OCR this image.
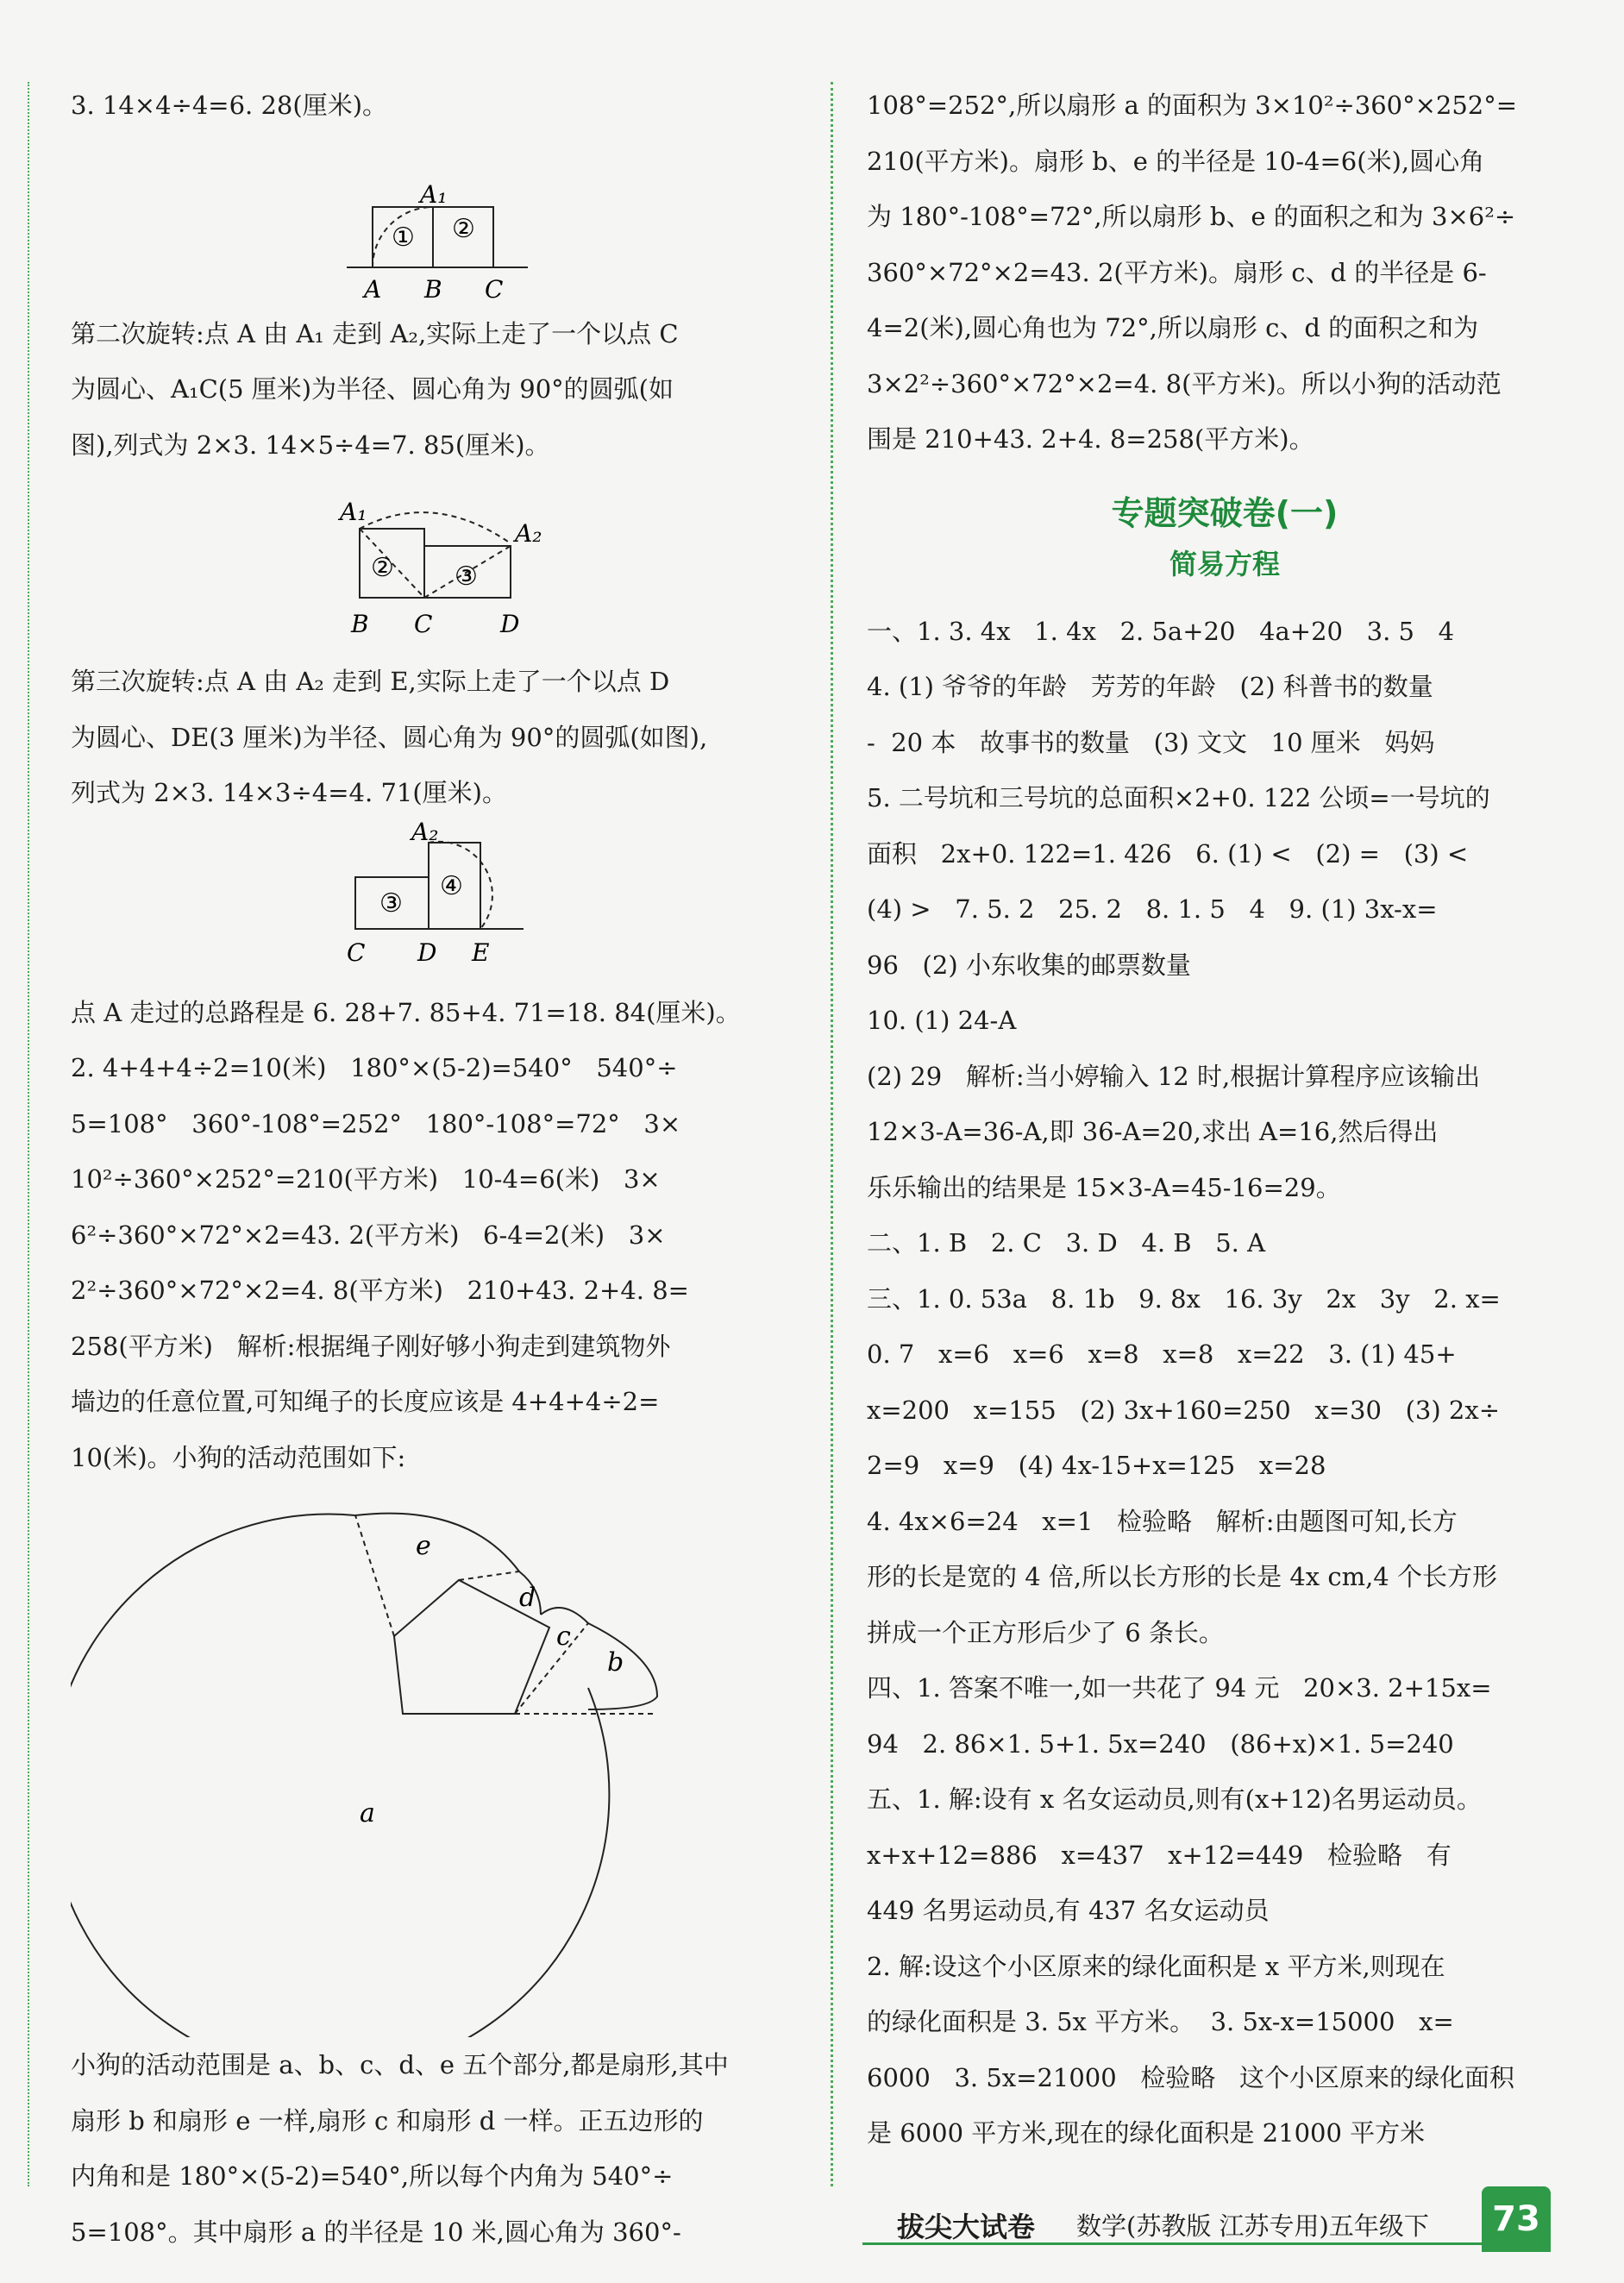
3. 14×4÷4=6. 28(厘米)。

① ②
A₁
A B C

第二次旋转:点 A 由 A₁ 走到 A₂,实际上走了一个以点 C

为圆心、A₁C(5 厘米)为半径、圆心角为 90°的圆弧(如

图),列式为 2×3. 14×5÷4=7. 85(厘米)。

② ③
A₁
A₂
B C	D

第三次旋转:点 A 由 A₂ 走到 E,实际上走了一个以点 D

为圆心、DE(3 厘米)为半径、圆心角为 90°的圆弧(如图),

列式为 2×3. 14×3÷4=4. 71(厘米)。

③
④
A₂
C D E

点 A 走过的总路程是 6. 28+7. 85+4. 71=18. 84(厘米)。

2. 4+4+4÷2=10(米)   180°×(5-2)=540°   540°÷

5=108°   360°-108°=252°   180°-108°=72°   3×

10²÷360°×252°=210(平方米)   10-4=6(米)   3×

6²÷360°×72°×2=43. 2(平方米)   6-4=2(米)   3×

2²÷360°×72°×2=4. 8(平方米)   210+43. 2+4. 8=

258(平方米)   解析:根据绳子刚好够小狗走到建筑物外

墙边的任意位置,可知绳子的长度应该是 4+4+4÷2=

10(米)。小狗的活动范围如下:

a
b
c
d
e

小狗的活动范围是 a、b、c、d、e 五个部分,都是扇形,其中

扇形 b 和扇形 e 一样,扇形 c 和扇形 d 一样。正五边形的

内角和是 180°×(5-2)=540°,所以每个内角为 540°÷

5=108°。其中扇形 a 的半径是 10 米,圆心角为 360°-

108°=252°,所以扇形 a 的面积为 3×10²÷360°×252°=

210(平方米)。扇形 b、e 的半径是 10-4=6(米),圆心角

为 180°-108°=72°,所以扇形 b、e 的面积之和为 3×6²÷

360°×72°×2=43. 2(平方米)。扇形 c、d 的半径是 6-

4=2(米),圆心角也为 72°,所以扇形 c、d 的面积之和为

3×2²÷360°×72°×2=4. 8(平方米)。所以小狗的活动范

围是 210+43. 2+4. 8=258(平方米)。

专题突破卷(一)

简易方程

一、1. 3. 4x   1. 4x   2. 5a+20   4a+20   3. 5   4

4. (1) 爷爷的年龄   芳芳的年龄   (2) 科普书的数量

-  20 本   故事书的数量   (3) 文文   10 厘米   妈妈

5. 二号坑和三号坑的总面积×2+0. 122 公顷=一号坑的

面积   2x+0. 122=1. 426   6. (1) <   (2) =   (3) <

(4) >   7. 5. 2   25. 2   8. 1. 5   4   9. (1) 3x-x=

96   (2) 小东收集的邮票数量

10. (1) 24-A

(2) 29   解析:当小婷输入 12 时,根据计算程序应该输出

12×3-A=36-A,即 36-A=20,求出 A=16,然后得出

乐乐输出的结果是 15×3-A=45-16=29。

二、1. B   2. C   3. D   4. B   5. A

三、1. 0. 53a   8. 1b   9. 8x   16. 3y   2x   3y   2. x=

0. 7   x=6   x=6   x=8   x=8   x=22   3. (1) 45+

x=200   x=155   (2) 3x+160=250   x=30   (3) 2x÷

2=9   x=9   (4) 4x-15+x=125   x=28

4. 4x×6=24   x=1   检验略   解析:由题图可知,长方

形的长是宽的 4 倍,所以长方形的长是 4x cm,4 个长方形

拼成一个正方形后少了 6 条长。

四、1. 答案不唯一,如一共花了 94 元   20×3. 2+15x=

94   2. 86×1. 5+1. 5x=240   (86+x)×1. 5=240

五、1. 解:设有 x 名女运动员,则有(x+12)名男运动员。

x+x+12=886   x=437   x+12=449   检验略   有

449 名男运动员,有 437 名女运动员

2. 解:设这个小区原来的绿化面积是 x 平方米,则现在

的绿化面积是 3. 5x 平方米。  3. 5x-x=15000   x=

6000   3. 5x=21000   检验略   这个小区原来的绿化面积

是 6000 平方米,现在的绿化面积是 21000 平方米

拔尖大试卷 数学(苏教版 江苏专用)五年级下	73
